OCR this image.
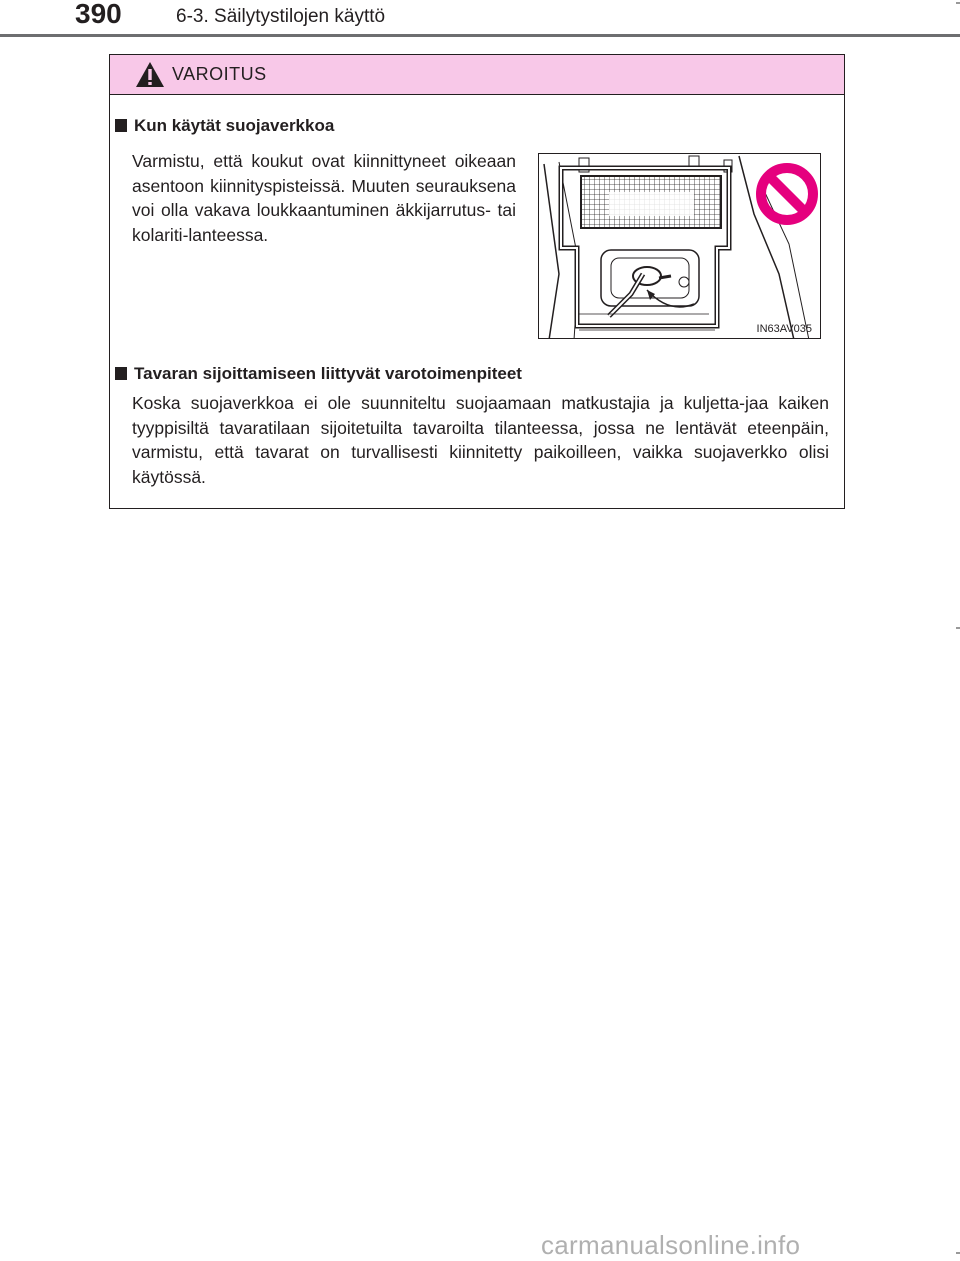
390	6-3. Säilytystilojen käyttö
VAROITUS
Kun käytät suojaverkkoa

Varmistu, että koukut ovat kiinnittyneet oikeaan asentoon kiinnityspisteissä. Muuten seurauksena voi olla vakava loukkaantuminen äkkijarrutus- tai kolariti-lanteessa.

IN63AV035
Tavaran sijoittamiseen liittyvät varotoimenpiteet

Koska suojaverkkoa ei ole suunniteltu suojaamaan matkustajia ja kuljetta-jaa kaiken tyyppisiltä tavaratilaan sijoitetuilta tavaroilta tilanteessa, jossa ne lentävät eteenpäin, varmistu, että tavarat on turvallisesti kiinnitetty paikoilleen, vaikka suojaverkko olisi käytössä.

carmanualsonline.info
